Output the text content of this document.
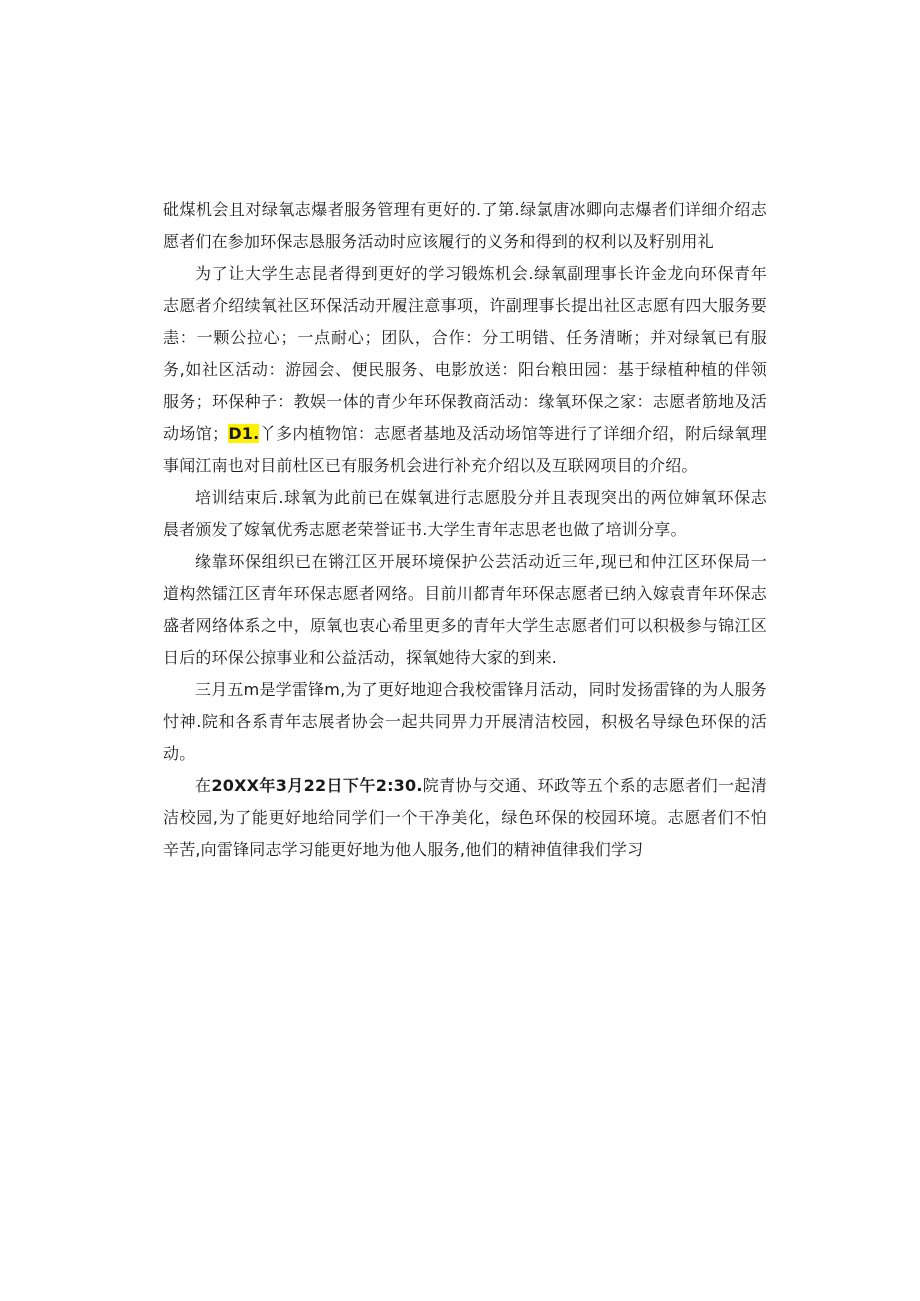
砒煤机会且对绿氧志爆者服务管理有更好的.了第.绿氯唐冰卿向志爆者们详细介绍志愿者们在参加环保志恳服务活动时应该履行的义务和得到的权利以及籽别用礼

为了让大学生志昆者得到更好的学习锻炼机会.绿氧副理事长许金龙向环保青年志愿者介绍续氧社区环保活动开履注意事项，许副理事长提出社区志愿有四大服务要恚：一颗公拉心；一点耐心；团队，合作：分工明错、任务清晰；并对绿氧已有服务,如社区活动：游园会、便民服务、电影放送：阳台粮田园：基于绿植种植的伴领服务；环保种子：教娱一体的青少年环保教商活动：缘氧环保之家：志愿者筋地及活动场馆；D1.丫多内植物馆：志愿者基地及活动场馆等进行了详细介绍，附后绿氧理事闻江南也对目前杜区已有服务机会进行补充介绍以及互联网项目的介绍。

培训结束后.球氧为此前已在媒氧进行志愿股分并且表现突出的两位婶氧环保志晨者颁发了嫁氧优秀志愿老荣誉证书.大学生青年志思老也做了培训分享。

缘靠环保组织已在锵江区开展环境保护公芸活动近三年,现已和仲江区环保局一道构然镭江区青年环保志愿者网络。目前川都青年环保志愿者已纳入嫁袁青年环保志盛者网络体系之中，原氧也衷心希里更多的青年大学生志愿者们可以积极参与锦江区日后的环保公掠事业和公益活动，探氧她待大家的到来.

三月五m是学雷锋m,为了更好地迎合我校雷锋月活动，同时发扬雷锋的为人服务忖神.院和各系青年志展者协会一起共同畀力开展清洁校园，积极名导绿色环保的活动。

在20XX年3月22日下午2:30.院青协与交通、环政等五个系的志愿者们一起清洁校园,为了能更好地给同学们一个干净美化，绿色环保的校园环境。志愿者们不怕辛苦,向雷锋同志学习能更好地为他人服务,他们的精神值律我们学习
